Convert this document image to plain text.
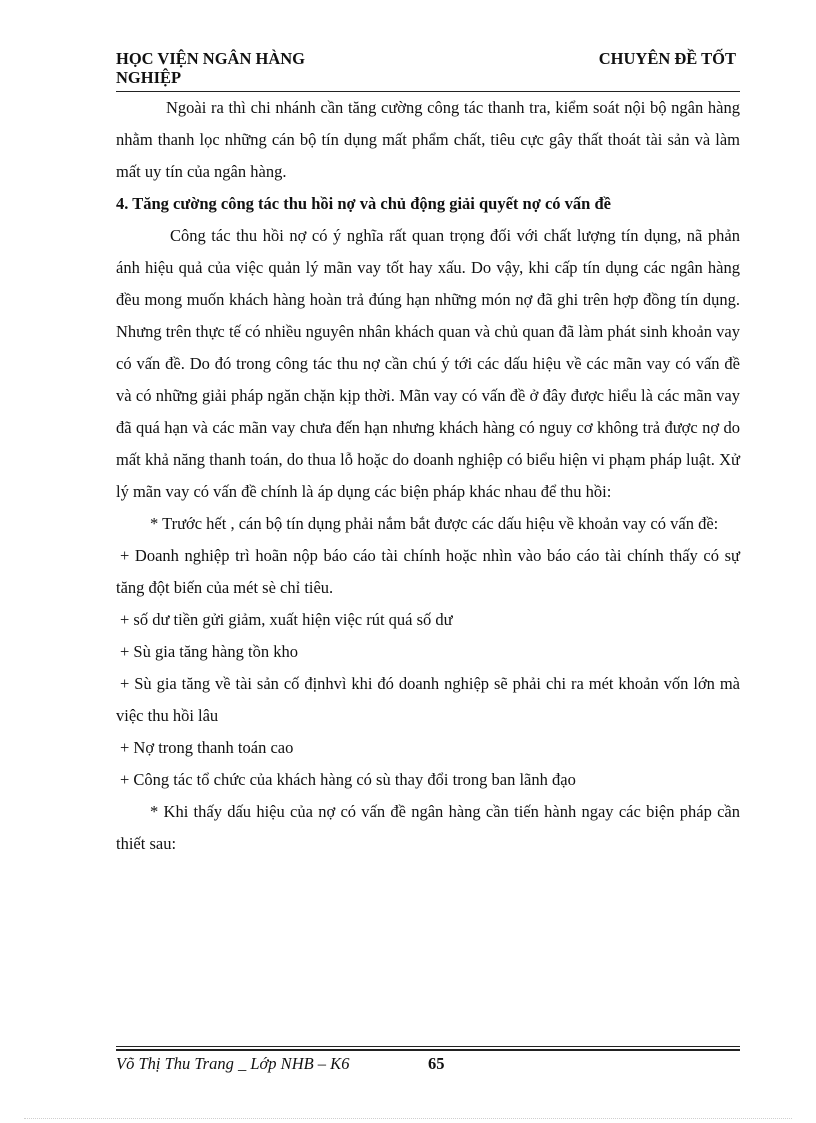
HỌC VIỆN NGÂN HÀNG	CHUYÊN ĐỀ TỐT
NGHIỆP

Ngoài ra thì chi nhánh cần tăng cường công tác thanh tra, kiểm soát nội bộ ngân hàng nhằm thanh lọc những cán bộ tín dụng mất phẩm chất, tiêu cực gây thất thoát tài sản và làm mất uy tín của ngân hàng.

4. Tăng cường công tác thu hồi nợ và chủ động giải quyết nợ có vấn đề

Công tác thu hồi nợ có ý nghĩa rất quan trọng đối với chất lượng tín dụng, nã phản ánh hiệu quả của việc quản lý mãn vay tốt hay xấu. Do vậy, khi cấp tín dụng các ngân hàng đều mong muốn khách hàng hoàn trả đúng hạn những món nợ đã ghi trên hợp đồng tín dụng. Nhưng trên thực tế có nhiều nguyên nhân khách quan và chủ quan đã làm phát sinh khoản vay có vấn đề. Do đó trong công tác thu nợ cần chú ý tới các dấu hiệu về các mãn vay có vấn đề và có những giải pháp ngăn chặn kịp thời. Mãn vay có vấn đề ở đây được hiểu là các mãn vay đã quá hạn và các mãn vay chưa đến hạn nhưng khách hàng có nguy cơ không trả được nợ do mất khả năng thanh toán, do thua lỗ hoặc do doanh nghiệp có biểu hiện vi phạm pháp luật. Xử lý mãn vay có vấn đề chính là áp dụng các biện pháp khác nhau để thu hồi:

* Trước hết , cán bộ tín dụng phải nắm bắt được các dấu hiệu về khoản vay có vấn đề:

+ Doanh nghiệp trì hoãn nộp báo cáo tài chính hoặc nhìn vào báo cáo tài chính thấy có sự tăng đột biến của mét sè chỉ tiêu.

+ số dư tiền gửi giảm, xuất hiện việc rút quá số dư

+ Sù gia tăng hàng tồn kho

+ Sù gia tăng về tài sản cố địnhvì khi đó doanh nghiệp sẽ phải chi ra mét khoản vốn lớn mà việc thu hồi lâu

+ Nợ trong thanh toán cao

+ Công tác tổ chức của khách hàng có sù thay đổi trong ban lãnh đạo

* Khi thấy dấu hiệu của nợ có vấn đề ngân hàng cần tiến hành ngay các biện pháp cần thiết sau:

Võ Thị Thu Trang _ Lớp NHB – K6	65
